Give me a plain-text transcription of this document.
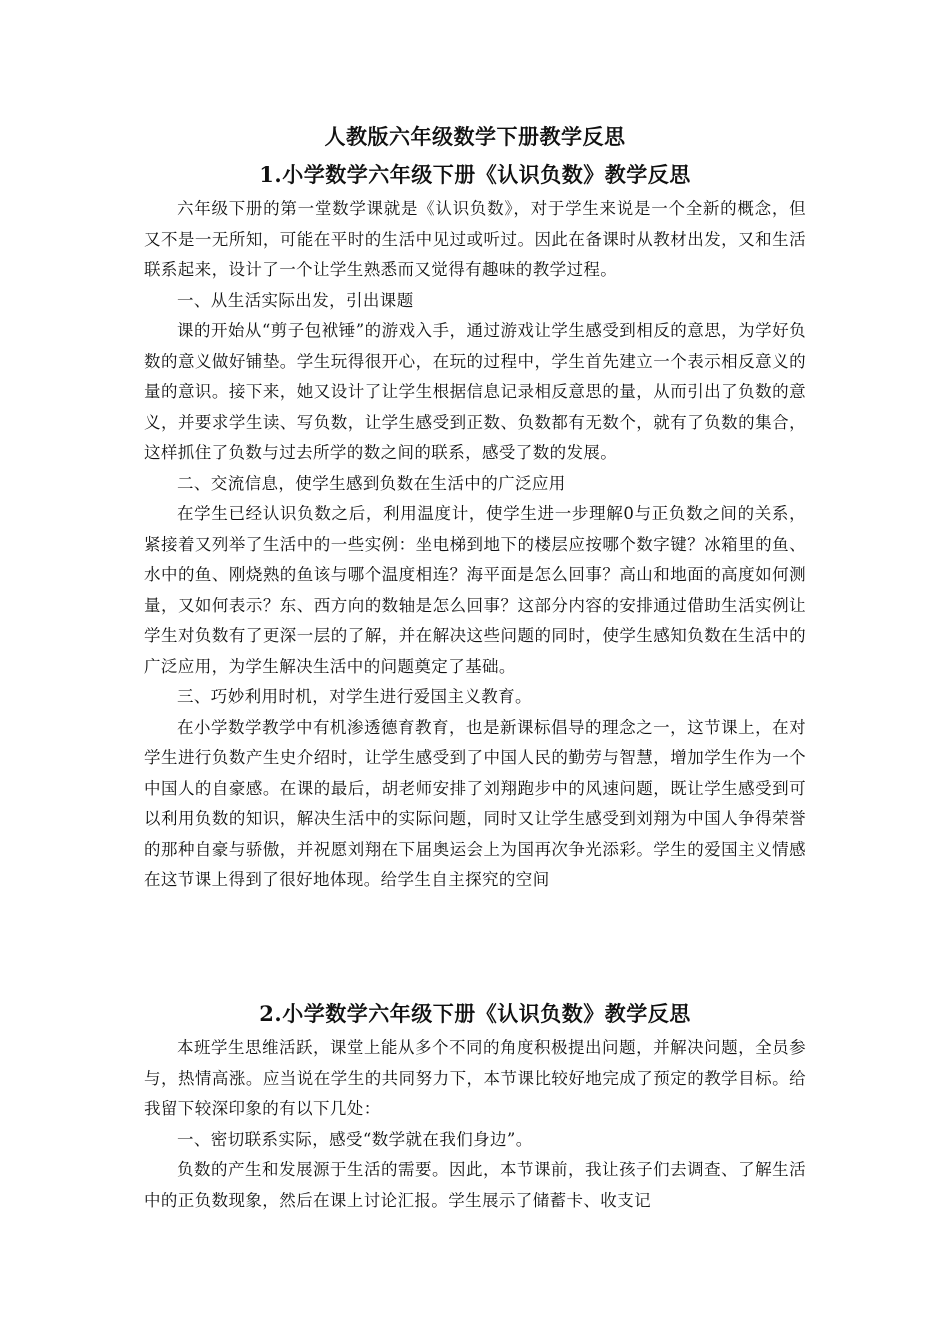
人教版六年级数学下册教学反思
1.小学数学六年级下册《认识负数》教学反思

六年级下册的第一堂数学课就是《认识负数》，对于学生来说是一个全新的概念，但又不是一无所知，可能在平时的生活中见过或听过。因此在备课时从教材出发，又和生活联系起来，设计了一个让学生熟悉而又觉得有趣味的教学过程。

一、从生活实际出发，引出课题

课的开始从“剪子包袱锤”的游戏入手，通过游戏让学生感受到相反的意思，为学好负数的意义做好铺垫。学生玩得很开心，在玩的过程中，学生首先建立一个表示相反意义的量的意识。接下来，她又设计了让学生根据信息记录相反意思的量，从而引出了负数的意义，并要求学生读、写负数，让学生感受到正数、负数都有无数个，就有了负数的集合，这样抓住了负数与过去所学的数之间的联系，感受了数的发展。

二、交流信息，使学生感到负数在生活中的广泛应用

在学生已经认识负数之后，利用温度计，使学生进一步理解0与正负数之间的关系，紧接着又列举了生活中的一些实例：坐电梯到地下的楼层应按哪个数字键？冰箱里的鱼、水中的鱼、刚烧熟的鱼该与哪个温度相连？海平面是怎么回事？高山和地面的高度如何测量，又如何表示？东、西方向的数轴是怎么回事？这部分内容的安排通过借助生活实例让学生对负数有了更深一层的了解，并在解决这些问题的同时，使学生感知负数在生活中的广泛应用，为学生解决生活中的问题奠定了基础。

三、巧妙利用时机，对学生进行爱国主义教育。

在小学数学教学中有机渗透德育教育，也是新课标倡导的理念之一，这节课上，在对学生进行负数产生史介绍时，让学生感受到了中国人民的勤劳与智慧，增加学生作为一个中国人的自豪感。在课的最后，胡老师安排了刘翔跑步中的风速问题，既让学生感受到可以利用负数的知识，解决生活中的实际问题，同时又让学生感受到刘翔为中国人争得荣誉的那种自豪与骄傲，并祝愿刘翔在下届奥运会上为国再次争光添彩。学生的爱国主义情感在这节课上得到了很好地体现。给学生自主探究的空间

2.小学数学六年级下册《认识负数》教学反思

本班学生思维活跃，课堂上能从多个不同的角度积极提出问题，并解决问题，全员参与，热情高涨。应当说在学生的共同努力下，本节课比较好地完成了预定的教学目标。给我留下较深印象的有以下几处：

一、密切联系实际，感受“数学就在我们身边”。

负数的产生和发展源于生活的需要。因此，本节课前，我让孩子们去调查、了解生活中的正负数现象，然后在课上讨论汇报。学生展示了储蓄卡、收支记
